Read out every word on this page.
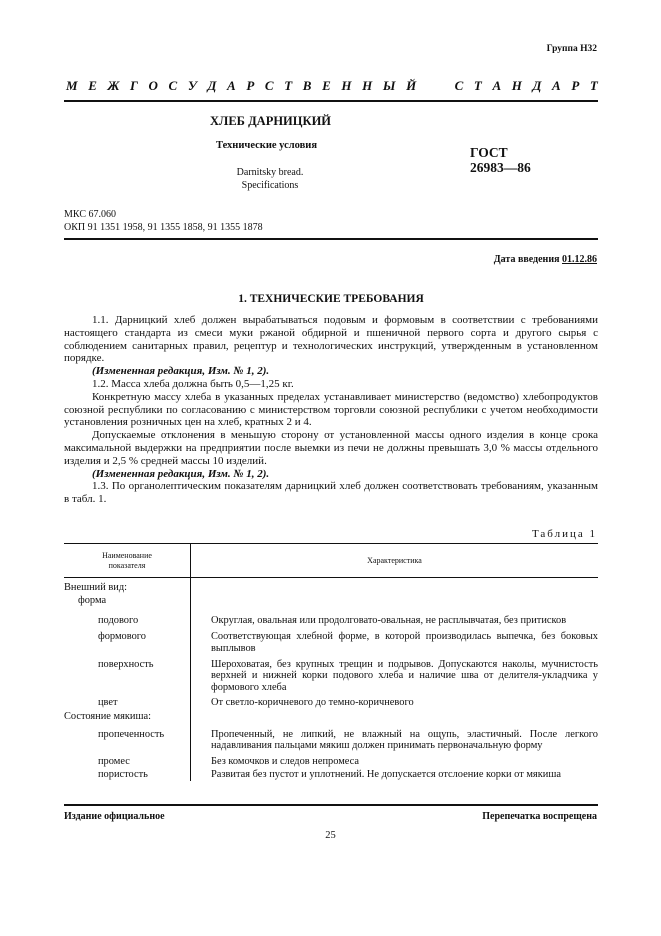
Группа Н32
М Е Ж Г О С У Д А Р С Т В Е Н Н Ы Й

	С Т А Н Д А Р Т
ХЛЕБ ДАРНИЦКИЙ
Технические условия
Darnitsky bread.
Specifications
ГОСТ
26983—86
МКС 67.060
ОКП 91 1351 1958, 91 1355 1858, 91 1355 1878
Дата введения 01.12.86
1. ТЕХНИЧЕСКИЕ ТРЕБОВАНИЯ

1.1. Дарницкий хлеб должен вырабатываться подовым и формовым в соответствии с требованиями настоящего стандарта из смеси муки ржаной обдирной и пшеничной первого сорта и другого сырья с соблюдением санитарных правил, рецептур и технологических инструкций, утвержденным в установленном порядке.

(Измененная редакция, Изм. № 1, 2).

1.2. Масса хлеба должна быть 0,5—1,25 кг.

Конкретную массу хлеба в указанных пределах устанавливает министерство (ведомство) хлебопродуктов союзной республики по согласованию с министерством торговли союзной республики с учетом необходимости установления розничных цен на хлеб, кратных 2 и 4.

Допускаемые отклонения в меньшую сторону от установленной массы одного изделия в конце срока максимальной выдержки на предприятии после выемки из печи не должны превышать 3,0 % массы отдельного изделия и 2,5 % средней массы 10 изделий.

(Измененная редакция, Изм. № 1, 2).

1.3. По органолептическим показателям дарницкий хлеб должен соответствовать требованиям, указанным в табл. 1.

Таблица 1
Наименование
показателя	Характеристика
Внешний вид:	
форма	
подового	Округлая, овальная или продолговато-овальная, не расплывчатая, без притисков
формового	Соответствующая хлебной форме, в которой производилась выпечка, без боковых выплывов
поверхность	Шероховатая, без крупных трещин и подрывов. Допускаются наколы, мучнистость верхней и нижней корки подового хлеба и наличие шва от делителя-укладчика у формового хлеба
цвет	От светло-коричневого до темно-коричневого
Состояние мякиша:	
пропеченность	Пропеченный, не липкий, не влажный на ощупь, эластичный. После легкого надавливания пальцами мякиш должен принимать первоначальную форму
промес	Без комочков и следов непромеса
пористость	Развитая без пустот и уплотнений. Не допускается отслоение корки от мякиша
Издание официальное	Перепечатка воспрещена
25
